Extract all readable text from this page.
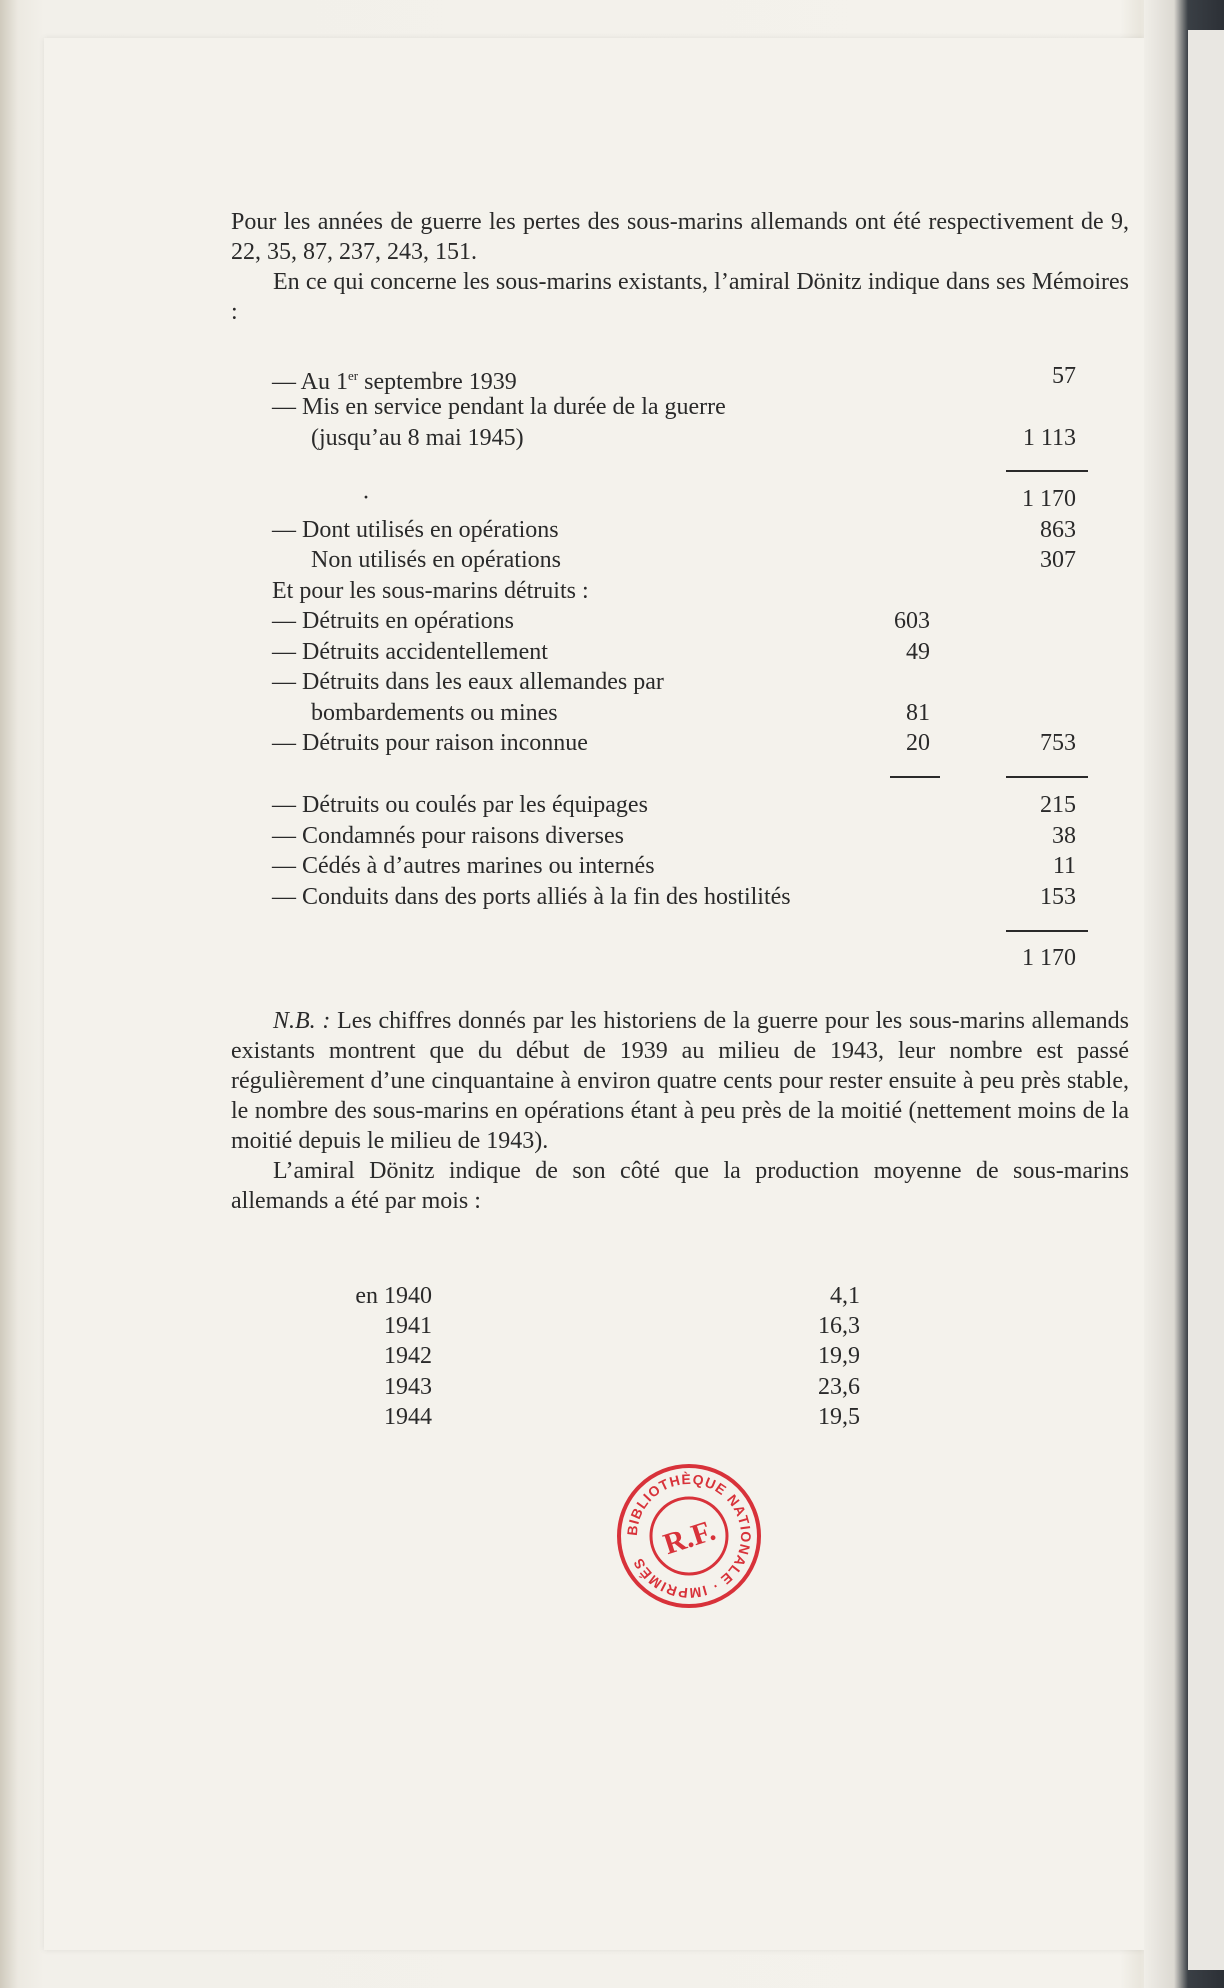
Pour les années de guerre les pertes des sous-marins allemands ont été respectivement de 9, 22, 35, 87, 237, 243, 151.

En ce qui concerne les sous-marins existants, l’amiral Dönitz indique dans ses Mémoires :

— Au 1er septembre 1939	57
— Mis en service pendant la durée de la guerre
(jusqu’au 8 mai 1945)	1 113
·	1 170
— Dont utilisés en opérations	863
Non utilisés en opérations	307
Et pour les sous-marins détruits :
— Détruits en opérations	603
— Détruits accidentellement	49
— Détruits dans les eaux allemandes par
bombardements ou mines	81
— Détruits pour raison inconnue	20	753
— Détruits ou coulés par les équipages	215
— Condamnés pour raisons diverses	38
— Cédés à d’autres marines ou internés	11
— Conduits dans des ports alliés à la fin des hostilités	153
1 170

N.B. : Les chiffres donnés par les historiens de la guerre pour les sous-marins allemands existants montrent que du début de 1939 au milieu de 1943, leur nombre est passé régulièrement d’une cinquantaine à environ quatre cents pour rester ensuite à peu près stable, le nombre des sous-marins en opérations étant à peu près de la moitié (nettement moins de la moitié depuis le milieu de 1943).

L’amiral Dönitz indique de son côté que la production moyenne de sous-marins allemands a été par mois :

en 1940	4,1
1941	16,3
1942	19,9
1943	23,6
1944	19,5
BIBLIOTHÈQUE NATIONALE · IMPRIMÉS
R.F.
